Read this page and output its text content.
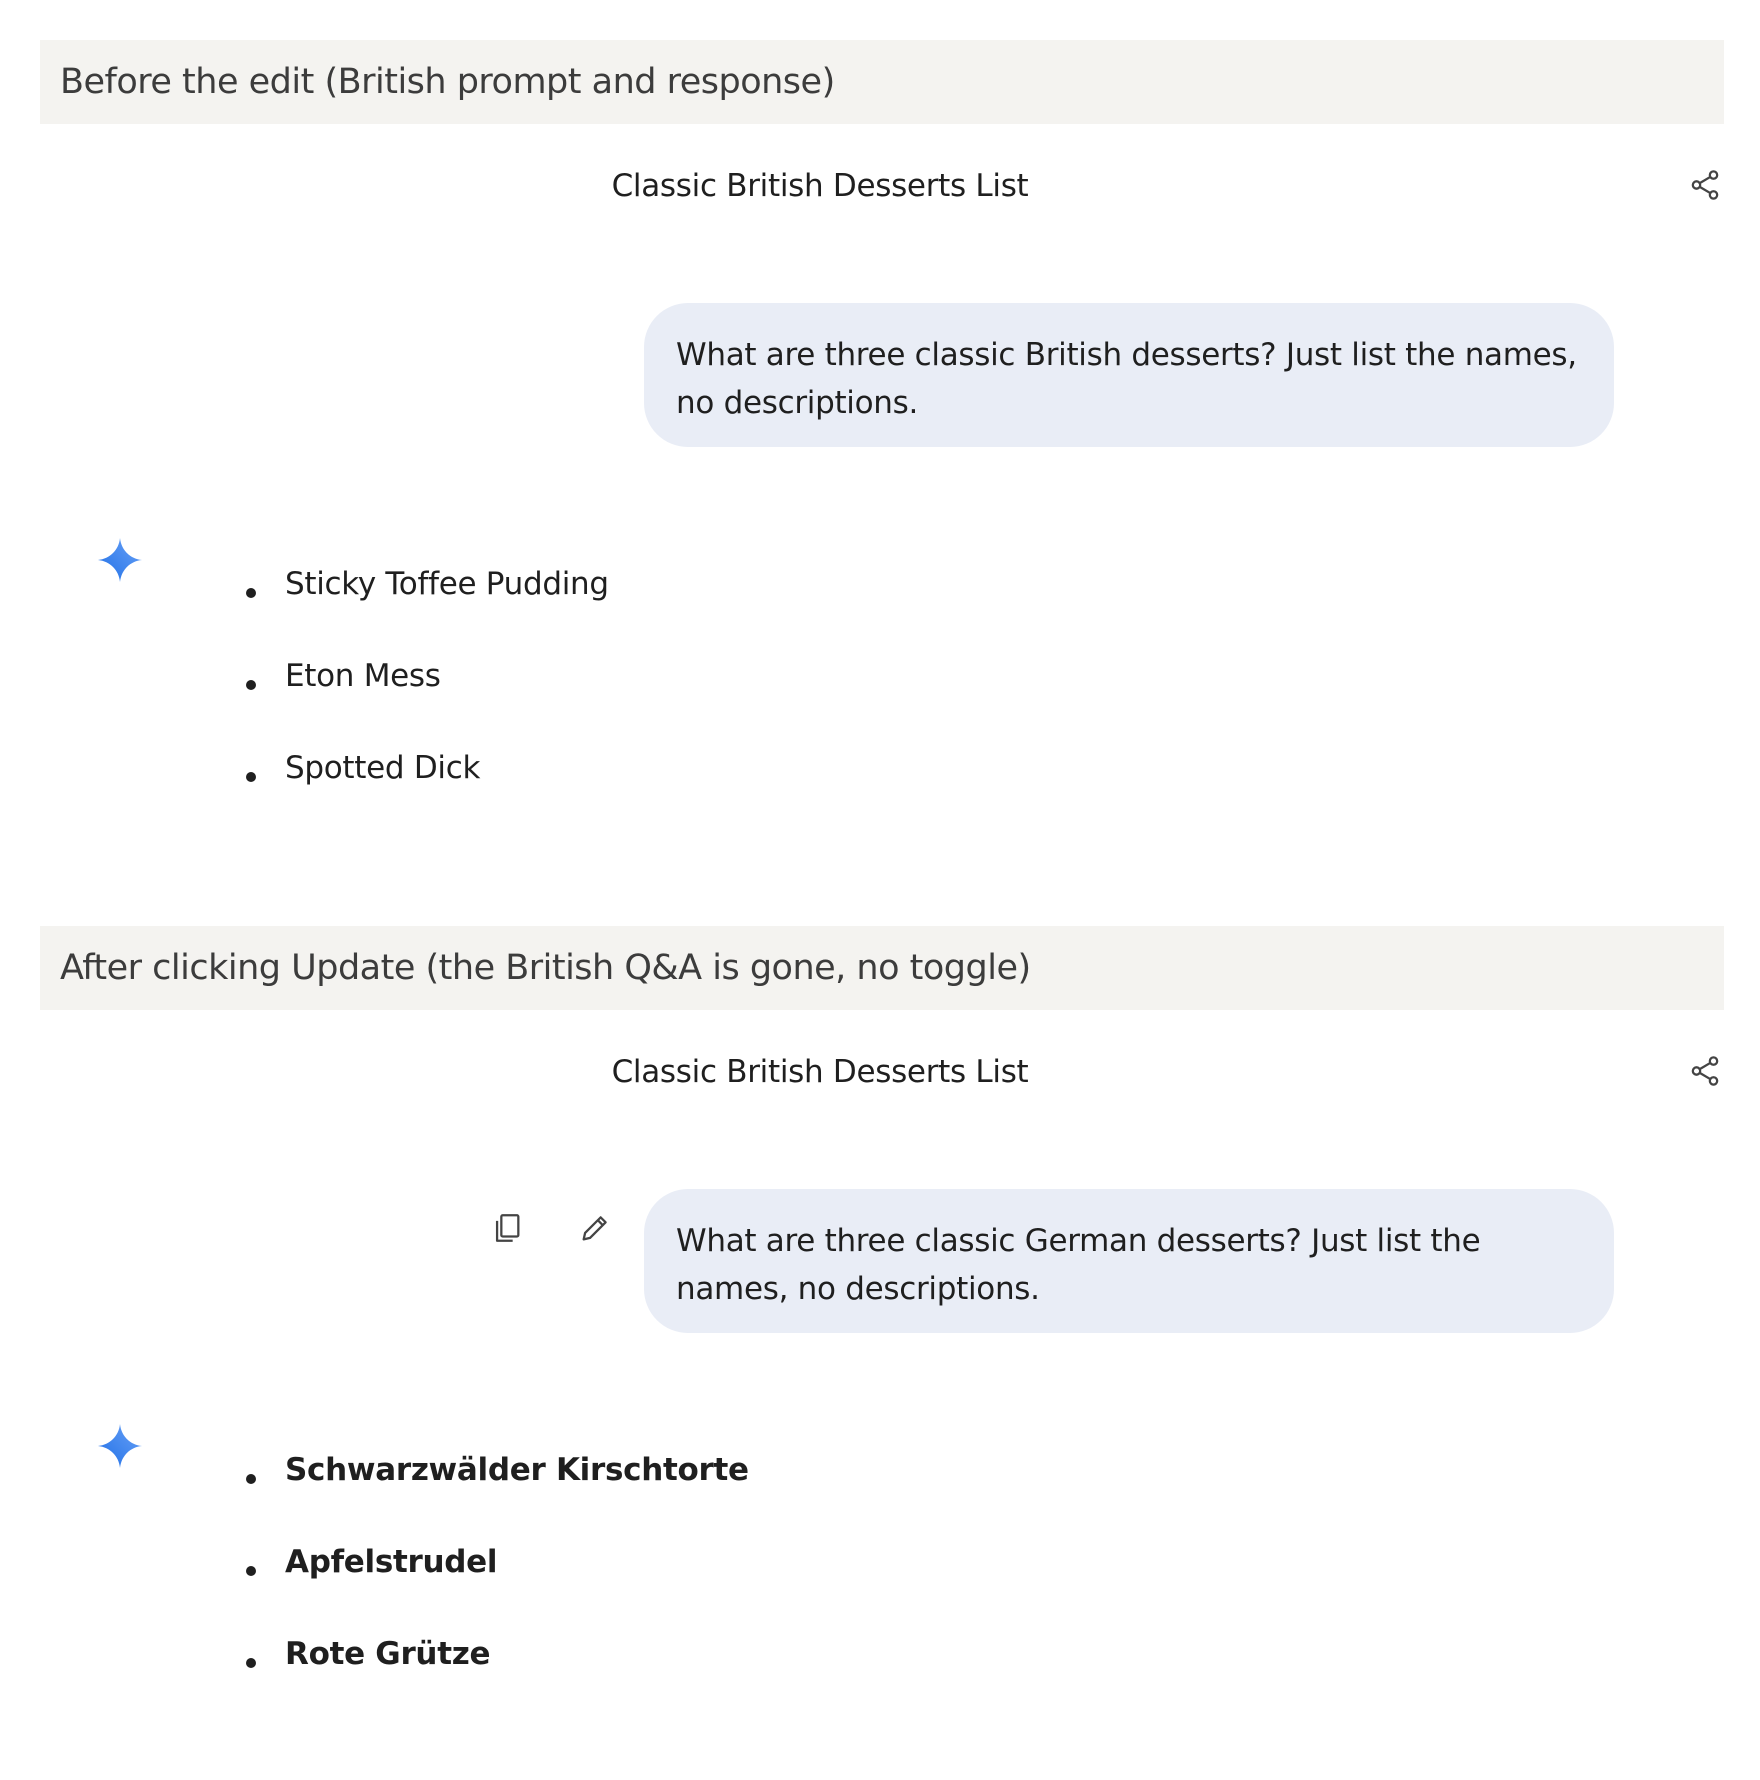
Before the edit (British prompt and response)
Classic British Desserts List
What are three classic British desserts? Just list the names, no descriptions.
Sticky Toffee Pudding
Eton Mess
Spotted Dick
After clicking Update (the British Q&A is gone, no toggle)
Classic British Desserts List
What are three classic German desserts? Just list the names, no descriptions.
Schwarzwälder Kirschtorte
Apfelstrudel
Rote Grütze
